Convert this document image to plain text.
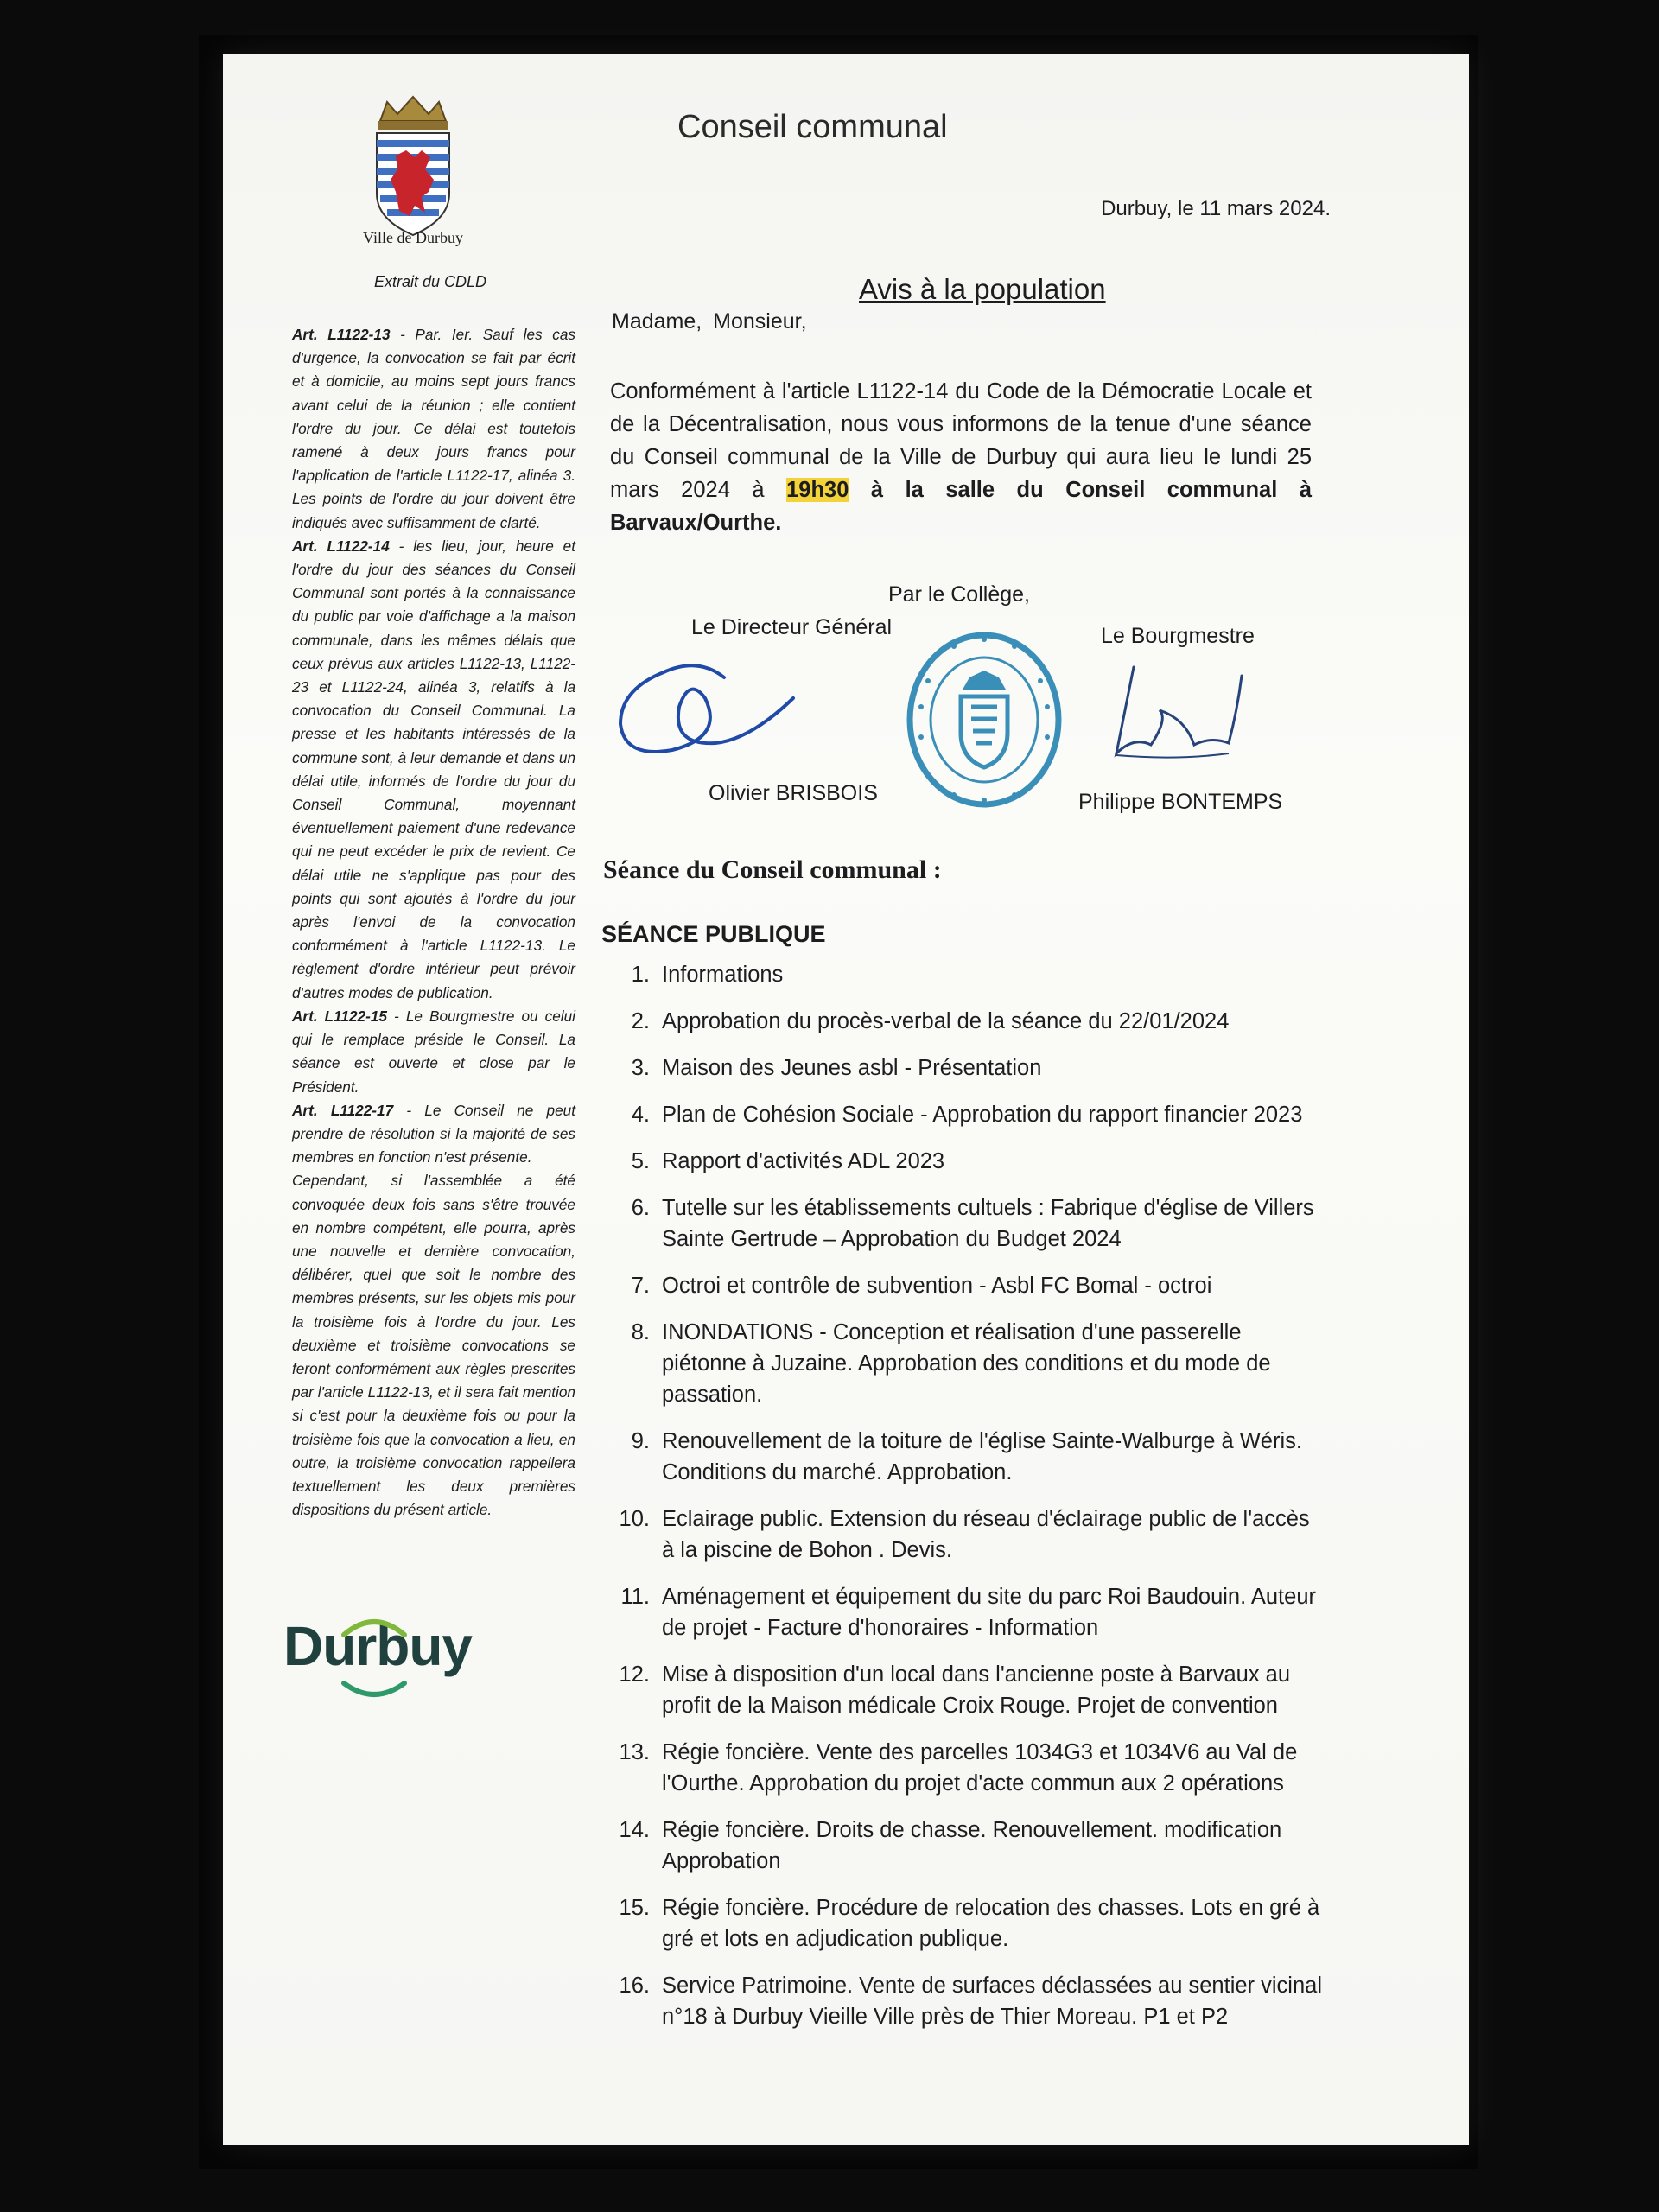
Ville de Durbuy
Extrait du CDLD

Art. L1122-13 - Par. Ier. Sauf les cas d'urgence, la convocation se fait par écrit et à domicile, au moins sept jours francs avant celui de la réunion ; elle contient l'ordre du jour. Ce délai est toutefois ramené à deux jours francs pour l'application de l'article L1122-17, alinéa 3. Les points de l'ordre du jour doivent être indiqués avec suffisamment de clarté.

Art. L1122-14 - les lieu, jour, heure et l'ordre du jour des séances du Conseil Communal sont portés à la connaissance du public par voie d'affichage a la maison communale, dans les mêmes délais que ceux prévus aux articles L1122-13, L1122-23 et L1122-24, alinéa 3, relatifs à la convocation du Conseil Communal. La presse et les habitants intéressés de la commune sont, à leur demande et dans un délai utile, informés de l'ordre du jour du Conseil Communal, moyennant éventuellement paiement d'une redevance qui ne peut excéder le prix de revient. Ce délai utile ne s'applique pas pour des points qui sont ajoutés à l'ordre du jour après l'envoi de la convocation conformément à l'article L1122-13. Le règlement d'ordre intérieur peut prévoir d'autres modes de publication.

Art. L1122-15 - Le Bourgmestre ou celui qui le remplace préside le Conseil. La séance est ouverte et close par le Président.

Art. L1122-17 - Le Conseil ne peut prendre de résolution si la majorité de ses membres en fonction n'est présente.

Cependant, si l'assemblée a été convoquée deux fois sans s'être trouvée en nombre compétent, elle pourra, après une nouvelle et dernière convocation, délibérer, quel que soit le nombre des membres présents, sur les objets mis pour la troisième fois à l'ordre du jour. Les deuxième et troisième convocations se feront conformément aux règles prescrites par l'article L1122-13, et il sera fait mention si c'est pour la deuxième fois ou pour la troisième fois que la convocation a lieu, en outre, la troisième convocation rappellera textuellement les deux premières dispositions du présent article.

Durbuy
Conseil communal
Durbuy, le 11 mars 2024.
Avis à la population
Madame, Monsieur,
Conformément à l'article L1122-14 du Code de la Démocratie Locale et de la Décentralisation, nous vous informons de la tenue d'une séance du Conseil communal de la Ville de Durbuy qui aura lieu le lundi 25 mars 2024 à 19h30 à la salle du Conseil communal à Barvaux/Ourthe.
Par le Collège,
Le Directeur Général	Le Bourgmestre
Olivier BRISBOIS	Philippe BONTEMPS
Séance du Conseil communal :
SÉANCE PUBLIQUE
1. Informations
2. Approbation du procès-verbal de la séance du 22/01/2024
3. Maison des Jeunes asbl - Présentation
4. Plan de Cohésion Sociale - Approbation du rapport financier 2023
5. Rapport d'activités ADL 2023
6. Tutelle sur les établissements cultuels : Fabrique d'église de Villers Sainte Gertrude – Approbation du Budget 2024
7. Octroi et contrôle de subvention - Asbl FC Bomal - octroi
8. INONDATIONS - Conception et réalisation d'une passerelle piétonne à Juzaine. Approbation des conditions et du mode de passation.
9. Renouvellement de la toiture de l'église Sainte-Walburge à Wéris. Conditions du marché. Approbation.
10. Eclairage public. Extension du réseau d'éclairage public de l'accès à la piscine de Bohon . Devis.
11. Aménagement et équipement du site du parc Roi Baudouin. Auteur de projet - Facture d'honoraires - Information
12. Mise à disposition d'un local dans l'ancienne poste à Barvaux au profit de la Maison médicale Croix Rouge. Projet de convention
13. Régie foncière. Vente des parcelles 1034G3 et 1034V6 au Val de l'Ourthe. Approbation du projet d'acte commun aux 2 opérations
14. Régie foncière. Droits de chasse. Renouvellement. modification Approbation
15. Régie foncière. Procédure de relocation des chasses. Lots en gré à gré et lots en adjudication publique.
16. Service Patrimoine. Vente de surfaces déclassées au sentier vicinal n°18 à Durbuy Vieille Ville près de Thier Moreau. P1 et P2
